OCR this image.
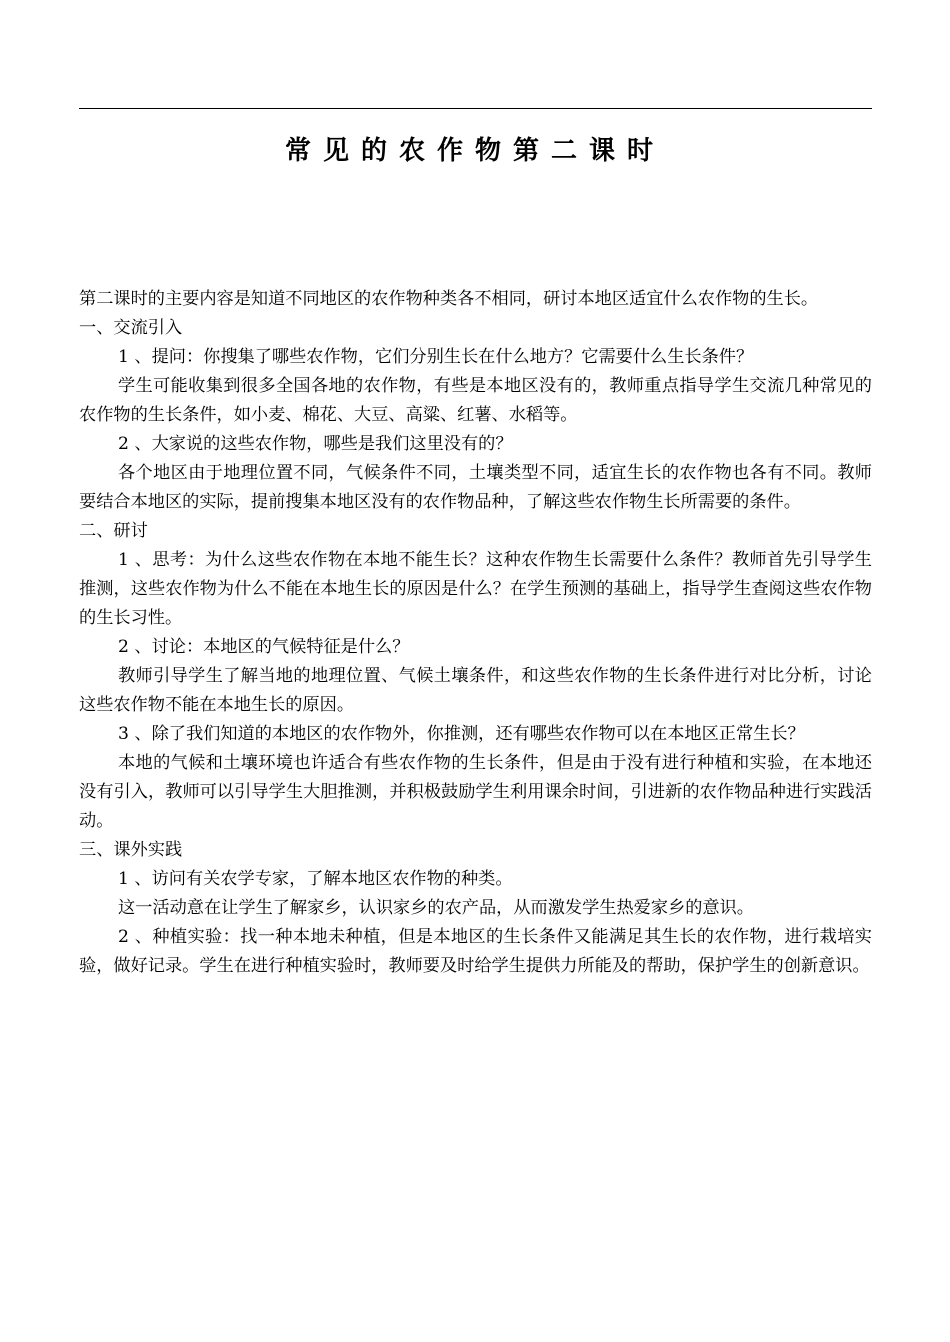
常见的农作物第二课时

第二课时的主要内容是知道不同地区的农作物种类各不相同，研讨本地区适宜什么农作物的生长。

一、交流引入

1 、提问：你搜集了哪些农作物，它们分别生长在什么地方？它需要什么生长条件？

学生可能收集到很多全国各地的农作物，有些是本地区没有的，教师重点指导学生交流几种常见的农作物的生长条件，如小麦、棉花、大豆、高粱、红薯、水稻等。

2 、大家说的这些农作物，哪些是我们这里没有的？

各个地区由于地理位置不同，气候条件不同，土壤类型不同，适宜生长的农作物也各有不同。教师要结合本地区的实际，提前搜集本地区没有的农作物品种，了解这些农作物生长所需要的条件。

二、研讨

1 、思考：为什么这些农作物在本地不能生长？这种农作物生长需要什么条件？教师首先引导学生推测，这些农作物为什么不能在本地生长的原因是什么？在学生预测的基础上，指导学生查阅这些农作物的生长习性。

2 、讨论：本地区的气候特征是什么？

教师引导学生了解当地的地理位置、气候土壤条件，和这些农作物的生长条件进行对比分析，讨论这些农作物不能在本地生长的原因。

3 、除了我们知道的本地区的农作物外，你推测，还有哪些农作物可以在本地区正常生长？

本地的气候和土壤环境也许适合有些农作物的生长条件，但是由于没有进行种植和实验，在本地还没有引入，教师可以引导学生大胆推测，并积极鼓励学生利用课余时间，引进新的农作物品种进行实践活动。

三、课外实践

1 、访问有关农学专家，了解本地区农作物的种类。

这一活动意在让学生了解家乡，认识家乡的农产品，从而激发学生热爱家乡的意识。

2 、种植实验：找一种本地未种植，但是本地区的生长条件又能满足其生长的农作物，进行栽培实验，做好记录。学生在进行种植实验时，教师要及时给学生提供力所能及的帮助，保护学生的创新意识。
